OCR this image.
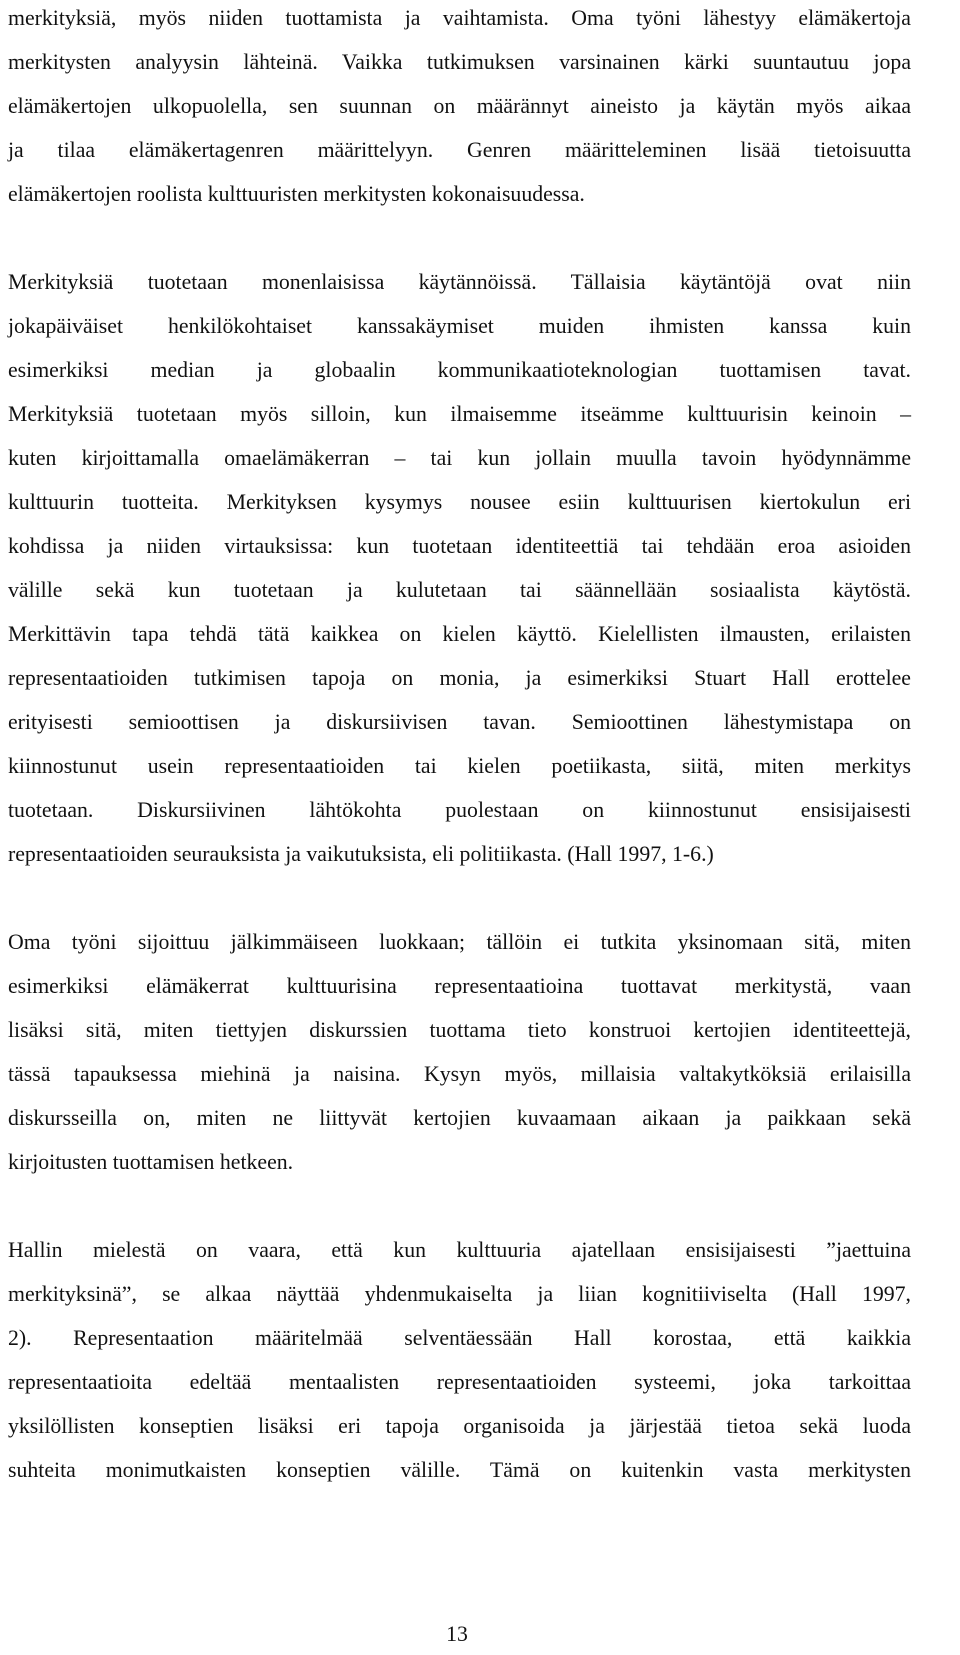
merkityksiä, myös niiden tuottamista ja vaihtamista. Oma työni lähestyy elämäkertoja
merkitysten analyysin lähteinä. Vaikka tutkimuksen varsinainen kärki suuntautuu jopa
elämäkertojen ulkopuolella, sen suunnan on määrännyt aineisto ja käytän myös aikaa
ja tilaa elämäkertagenren määrittelyyn. Genren määritteleminen lisää tietoisuutta
elämäkertojen roolista kulttuuristen merkitysten kokonaisuudessa.
Merkityksiä tuotetaan monenlaisissa käytännöissä. Tällaisia käytäntöjä ovat niin
jokapäiväiset henkilökohtaiset kanssakäymiset muiden ihmisten kanssa kuin
esimerkiksi median ja globaalin kommunikaatioteknologian tuottamisen tavat.
Merkityksiä tuotetaan myös silloin, kun ilmaisemme itseämme kulttuurisin keinoin –
kuten kirjoittamalla omaelämäkerran – tai kun jollain muulla tavoin hyödynnämme
kulttuurin tuotteita. Merkityksen kysymys nousee esiin kulttuurisen kiertokulun eri
kohdissa ja niiden virtauksissa: kun tuotetaan identiteettiä tai tehdään eroa asioiden
välille sekä kun tuotetaan ja kulutetaan tai säännellään sosiaalista käytöstä.
Merkittävin tapa tehdä tätä kaikkea on kielen käyttö. Kielellisten ilmausten, erilaisten
representaatioiden tutkimisen tapoja on monia, ja esimerkiksi Stuart Hall erottelee
erityisesti semioottisen ja diskursiivisen tavan. Semioottinen lähestymistapa on
kiinnostunut usein representaatioiden tai kielen poetiikasta, siitä, miten merkitys
tuotetaan. Diskursiivinen lähtökohta puolestaan on kiinnostunut ensisijaisesti
representaatioiden seurauksista ja vaikutuksista, eli politiikasta. (Hall 1997, 1-6.)
Oma työni sijoittuu jälkimmäiseen luokkaan; tällöin ei tutkita yksinomaan sitä, miten
esimerkiksi elämäkerrat kulttuurisina representaatioina tuottavat merkitystä, vaan
lisäksi sitä, miten tiettyjen diskurssien tuottama tieto konstruoi kertojien identiteettejä,
tässä tapauksessa miehinä ja naisina. Kysyn myös, millaisia valtakytköksiä erilaisilla
diskursseilla on, miten ne liittyvät kertojien kuvaamaan aikaan ja paikkaan sekä
kirjoitusten tuottamisen hetkeen.
Hallin mielestä on vaara, että kun kulttuuria ajatellaan ensisijaisesti ”jaettuina
merkityksinä”, se alkaa näyttää yhdenmukaiselta ja liian kognitiiviselta (Hall 1997,
2). Representaation määritelmää selventäessään Hall korostaa, että kaikkia
representaatioita edeltää mentaalisten representaatioiden systeemi, joka tarkoittaa
yksilöllisten konseptien lisäksi eri tapoja organisoida ja järjestää tietoa sekä luoda
suhteita monimutkaisten konseptien välille. Tämä on kuitenkin vasta merkitysten
13
